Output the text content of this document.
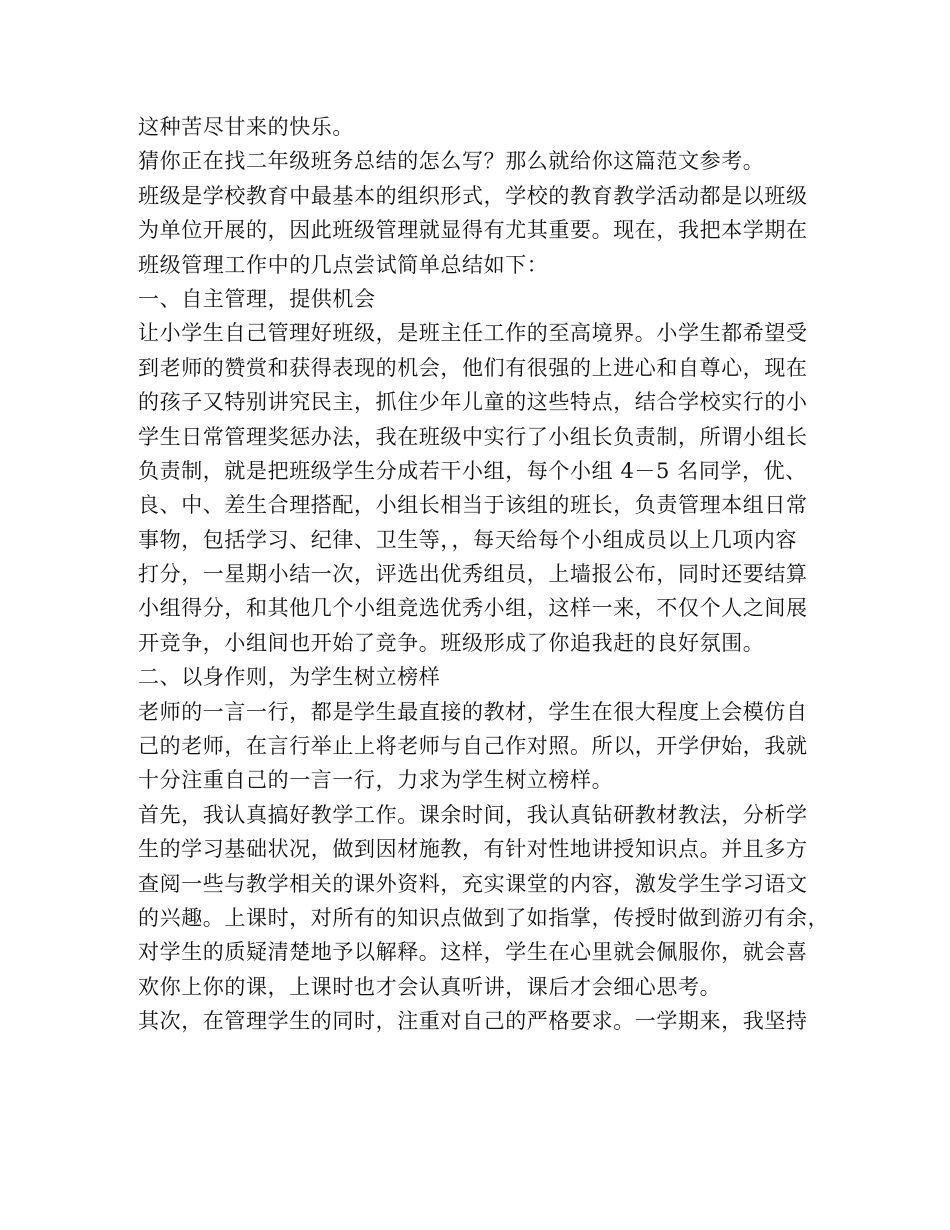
这种苦尽甘来的快乐。
猜你正在找二年级班务总结的怎么写？那么就给你这篇范文参考。
班级是学校教育中最基本的组织形式，学校的教育教学活动都是以班级
为单位开展的，因此班级管理就显得有尤其重要。现在，我把本学期在
班级管理工作中的几点尝试简单总结如下：
一、自主管理，提供机会
让小学生自己管理好班级，是班主任工作的至高境界。小学生都希望受
到老师的赞赏和获得表现的机会，他们有很强的上进心和自尊心，现在
的孩子又特别讲究民主，抓住少年儿童的这些特点，结合学校实行的小
学生日常管理奖惩办法，我在班级中实行了小组长负责制，所谓小组长
负责制，就是把班级学生分成若干小组，每个小组 4－5 名同学，优、
良、中、差生合理搭配，小组长相当于该组的班长，负责管理本组日常
事物，包括学习、纪律、卫生等，，每天给每个小组成员以上几项内容
打分，一星期小结一次，评选出优秀组员，上墙报公布，同时还要结算
小组得分，和其他几个小组竞选优秀小组，这样一来，不仅个人之间展
开竞争，小组间也开始了竞争。班级形成了你追我赶的良好氛围。
二、以身作则，为学生树立榜样
老师的一言一行，都是学生最直接的教材，学生在很大程度上会模仿自
己的老师，在言行举止上将老师与自己作对照。所以，开学伊始，我就
十分注重自己的一言一行，力求为学生树立榜样。
首先，我认真搞好教学工作。课余时间，我认真钻研教材教法，分析学
生的学习基础状况，做到因材施教，有针对性地讲授知识点。并且多方
查阅一些与教学相关的课外资料，充实课堂的内容，激发学生学习语文
的兴趣。上课时，对所有的知识点做到了如指掌，传授时做到游刃有余，
对学生的质疑清楚地予以解释。这样，学生在心里就会佩服你，就会喜
欢你上你的课，上课时也才会认真听讲，课后才会细心思考。
其次，在管理学生的同时，注重对自己的严格要求。一学期来，我坚持
